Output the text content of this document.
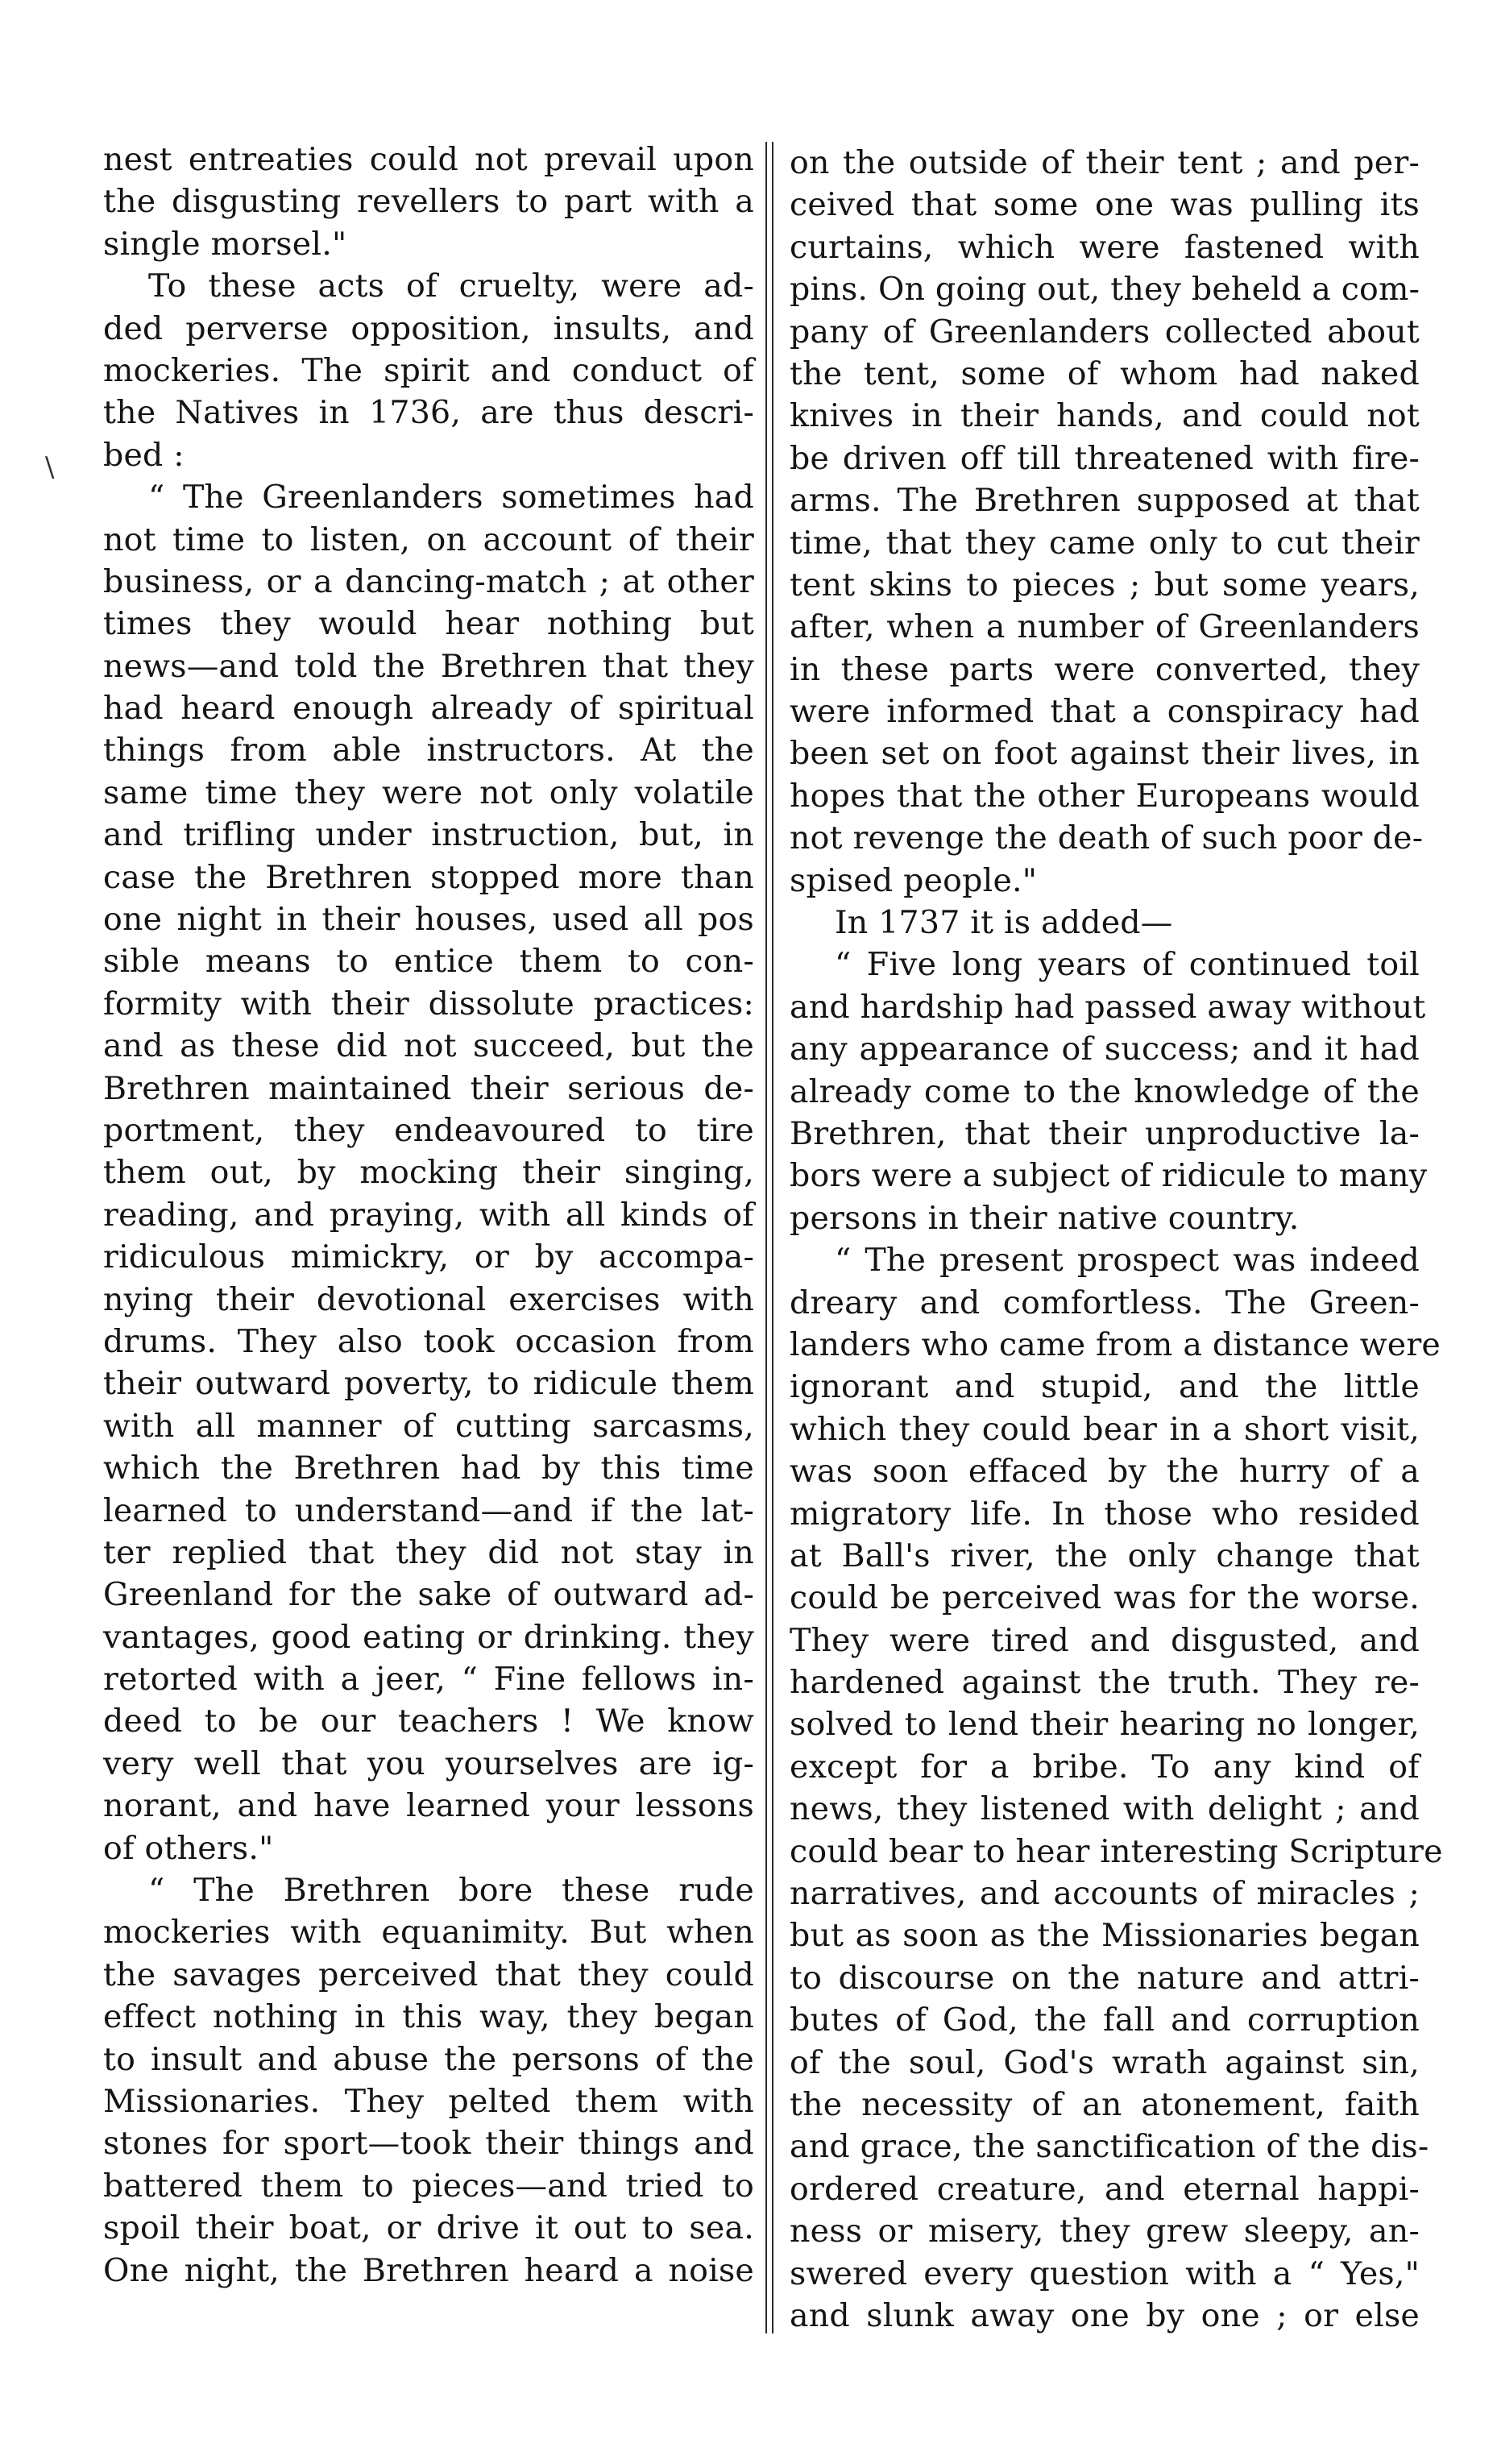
\
nest entreaties could not prevail upon
the disgusting revellers to part with a
single morsel."
To these acts of cruelty, were ad-
ded perverse opposition, insults, and
mockeries. The spirit and conduct of
the Natives in 1736, are thus descri-
bed :
“ The Greenlanders sometimes had
not time to listen, on account of their
business, or a dancing-match ; at other
times they would hear nothing but
news—and told the Brethren that they
had heard enough already of spiritual
things from able instructors. At the
same time they were not only volatile
and trifling under instruction, but, in
case the Brethren stopped more than
one night in their houses, used all pos
sible means to entice them to con-
formity with their dissolute practices:
and as these did not succeed, but the
Brethren maintained their serious de-
portment, they endeavoured to tire
them out, by mocking their singing,
reading, and praying, with all kinds of
ridiculous mimickry, or by accompa-
nying their devotional exercises with
drums. They also took occasion from
their outward poverty, to ridicule them
with all manner of cutting sarcasms,
which the Brethren had by this time
learned to understand—and if the lat-
ter replied that they did not stay in
Greenland for the sake of outward ad-
vantages, good eating or drinking. they
retorted with a jeer, “ Fine fellows in-
deed to be our teachers ! We know
very well that you yourselves are ig-
norant, and have learned your lessons
of others."
“ The Brethren bore these rude
mockeries with equanimity. But when
the savages perceived that they could
effect nothing in this way, they began
to insult and abuse the persons of the
Missionaries. They pelted them with
stones for sport—took their things and
battered them to pieces—and tried to
spoil their boat, or drive it out to sea.
One night, the Brethren heard a noise
on the outside of their tent ; and per-
ceived that some one was pulling its
curtains, which were fastened with
pins. On going out, they beheld a com-
pany of Greenlanders collected about
the tent, some of whom had naked
knives in their hands, and could not
be driven off till threatened with fire-
arms. The Brethren supposed at that
time, that they came only to cut their
tent skins to pieces ; but some years,
after, when a number of Greenlanders
in these parts were converted, they
were informed that a conspiracy had
been set on foot against their lives, in
hopes that the other Europeans would
not revenge the death of such poor de-
spised people."
In 1737 it is added—
“ Five long years of continued toil
and hardship had passed away without
any appearance of success; and it had
already come to the knowledge of the
Brethren, that their unproductive la-
bors were a subject of ridicule to many
persons in their native country.
“ The present prospect was indeed
dreary and comfortless. The Green-
landers who came from a distance were
ignorant and stupid, and the little
which they could bear in a short visit,
was soon effaced by the hurry of a
migratory life. In those who resided
at Ball's river, the only change that
could be perceived was for the worse.
They were tired and disgusted, and
hardened against the truth. They re-
solved to lend their hearing no longer,
except for a bribe. To any kind of
news, they listened with delight ; and
could bear to hear interesting Scripture
narratives, and accounts of miracles ;
but as soon as the Missionaries began
to discourse on the nature and attri-
butes of God, the fall and corruption
of the soul, God's wrath against sin,
the necessity of an atonement, faith
and grace, the sanctification of the dis-
ordered creature, and eternal happi-
ness or misery, they grew sleepy, an-
swered every question with a “ Yes,"
and slunk away one by one ; or else
